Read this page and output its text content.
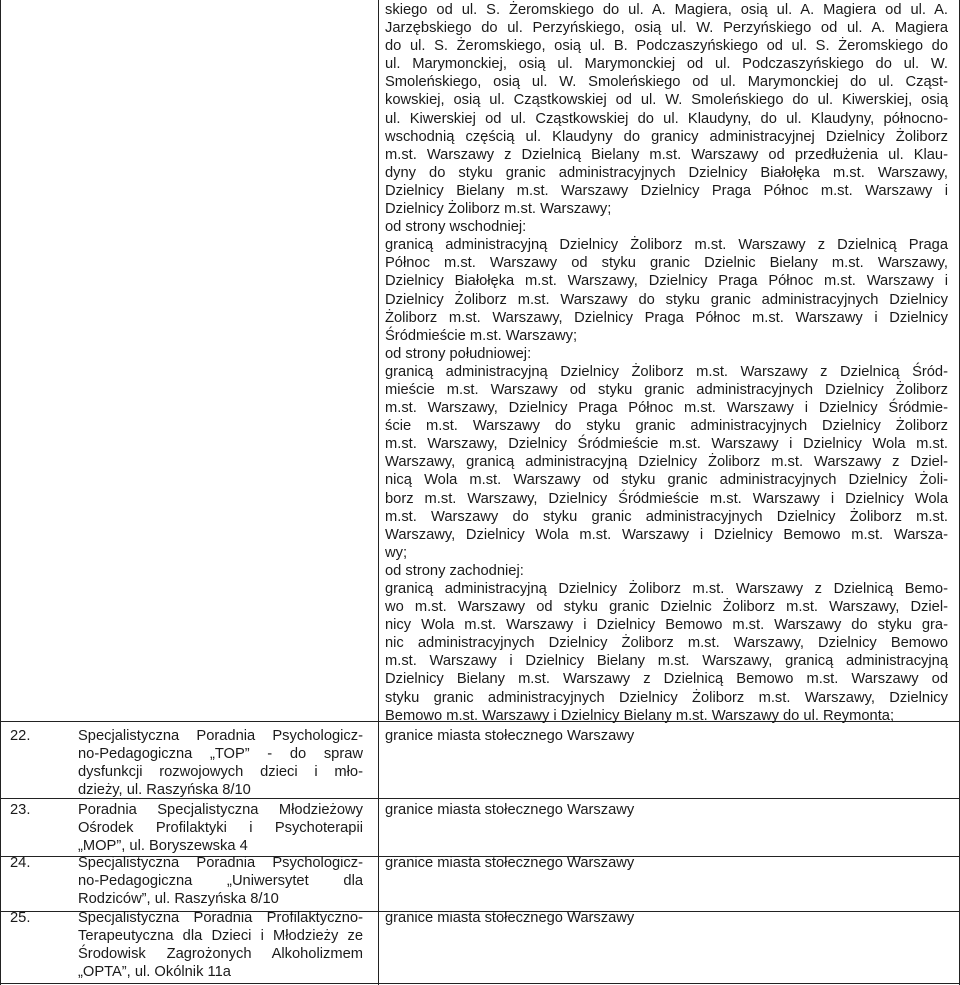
skiego od ul. S. Żeromskiego do ul. A. Magiera, osią ul. A. Magiera od ul. A.
Jarzębskiego do ul. Perzyńskiego, osią ul. W. Perzyńskiego od ul. A. Magiera
do ul. S. Żeromskiego, osią ul. B. Podczaszyńskiego od ul. S. Żeromskiego do
ul. Marymonckiej, osią ul. Marymonckiej od ul. Podczaszyńskiego do ul. W.
Smoleńskiego, osią ul. W. Smoleńskiego od ul. Marymonckiej do ul. Cząst-
kowskiej, osią ul. Cząstkowskiej od ul. W. Smoleńskiego do ul. Kiwerskiej, osią
ul. Kiwerskiej od ul. Cząstkowskiej do ul. Klaudyny, do ul. Klaudyny, północno-
wschodnią częścią ul. Klaudyny do granicy administracyjnej Dzielnicy Żoliborz
m.st. Warszawy z Dzielnicą Bielany m.st. Warszawy od przedłużenia ul. Klau-
dyny do styku granic administracyjnych Dzielnicy Białołęka m.st. Warszawy,
Dzielnicy Bielany m.st. Warszawy Dzielnicy Praga Północ m.st. Warszawy i
Dzielnicy Żoliborz m.st. Warszawy;
od strony wschodniej:
granicą administracyjną Dzielnicy Żoliborz m.st. Warszawy z Dzielnicą Praga
Północ m.st. Warszawy od styku granic Dzielnic Bielany m.st. Warszawy,
Dzielnicy Białołęka m.st. Warszawy, Dzielnicy Praga Północ m.st. Warszawy i
Dzielnicy Żoliborz m.st. Warszawy do styku granic administracyjnych Dzielnicy
Żoliborz m.st. Warszawy, Dzielnicy Praga Północ m.st. Warszawy i Dzielnicy
Śródmieście m.st. Warszawy;
od strony południowej:
granicą administracyjną Dzielnicy Żoliborz m.st. Warszawy z Dzielnicą Śród-
mieście m.st. Warszawy od styku granic administracyjnych Dzielnicy Żoliborz
m.st. Warszawy, Dzielnicy Praga Północ m.st. Warszawy i Dzielnicy Śródmie-
ście m.st. Warszawy do styku granic administracyjnych Dzielnicy Żoliborz
m.st. Warszawy, Dzielnicy Śródmieście m.st. Warszawy i Dzielnicy Wola m.st.
Warszawy, granicą administracyjną Dzielnicy Żoliborz m.st. Warszawy z Dziel-
nicą Wola m.st. Warszawy od styku granic administracyjnych Dzielnicy Żoli-
borz m.st. Warszawy, Dzielnicy Śródmieście m.st. Warszawy i Dzielnicy Wola
m.st. Warszawy do styku granic administracyjnych Dzielnicy Żoliborz m.st.
Warszawy, Dzielnicy Wola m.st. Warszawy i Dzielnicy Bemowo m.st. Warsza-
wy;
od strony zachodniej:
granicą administracyjną Dzielnicy Żoliborz m.st. Warszawy z Dzielnicą Bemo-
wo m.st. Warszawy od styku granic Dzielnic Żoliborz m.st. Warszawy, Dziel-
nicy Wola m.st. Warszawy i Dzielnicy Bemowo m.st. Warszawy do styku gra-
nic administracyjnych Dzielnicy Żoliborz m.st. Warszawy, Dzielnicy Bemowo
m.st. Warszawy i Dzielnicy Bielany m.st. Warszawy, granicą administracyjną
Dzielnicy Bielany m.st. Warszawy z Dzielnicą Bemowo m.st. Warszawy od
styku granic administracyjnych Dzielnicy Żoliborz m.st. Warszawy, Dzielnicy
Bemowo m.st. Warszawy i Dzielnicy Bielany m.st. Warszawy do ul. Reymonta;
22.	Specjalistyczna Poradnia Psychologicz-
no-Pedagogiczna „TOP” - do spraw
dysfunkcji rozwojowych dzieci i mło-
dzieży, ul. Raszyńska 8/10
granice miasta stołecznego Warszawy
23.	Poradnia Specjalistyczna Młodzieżowy
Ośrodek Profilaktyki i Psychoterapii
„MOP”, ul. Boryszewska 4
granice miasta stołecznego Warszawy
24.	Specjalistyczna Poradnia Psychologicz-
no-Pedagogiczna „Uniwersytet dla
Rodziców”, ul. Raszyńska 8/10
granice miasta stołecznego Warszawy
25.	Specjalistyczna Poradnia Profilaktyczno-
Terapeutyczna dla Dzieci i Młodzieży ze
Środowisk Zagrożonych Alkoholizmem
„OPTA”, ul. Okólnik 11a
granice miasta stołecznego Warszawy
